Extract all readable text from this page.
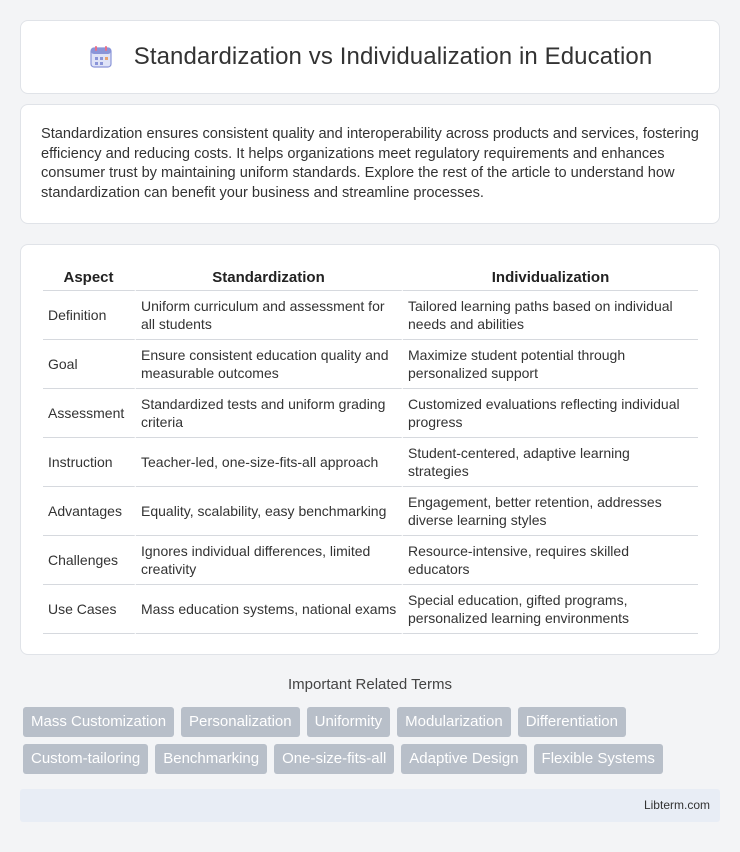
Standardization vs Individualization in Education

Standardization ensures consistent quality and interoperability across products and services, fostering efficiency and reducing costs. It helps organizations meet regulatory requirements and enhances consumer trust by maintaining uniform standards. Explore the rest of the article to understand how standardization can benefit your business and streamline processes.

Aspect	Standardization	Individualization
Definition	Uniform curriculum and assessment for all students	Tailored learning paths based on individual needs and abilities
Goal	Ensure consistent education quality and measurable outcomes	Maximize student potential through personalized support
Assessment	Standardized tests and uniform grading criteria	Customized evaluations reflecting individual progress
Instruction	Teacher-led, one-size-fits-all approach	Student-centered, adaptive learning strategies
Advantages	Equality, scalability, easy benchmarking	Engagement, better retention, addresses diverse learning styles
Challenges	Ignores individual differences, limited creativity	Resource-intensive, requires skilled educators
Use Cases	Mass education systems, national exams	Special education, gifted programs, personalized learning environments
Important Related Terms
Mass Customization	Personalization	Uniformity	Modularization	Differentiation
Custom-tailoring	Benchmarking	One-size-fits-all	Adaptive Design	Flexible Systems
Libterm.com
